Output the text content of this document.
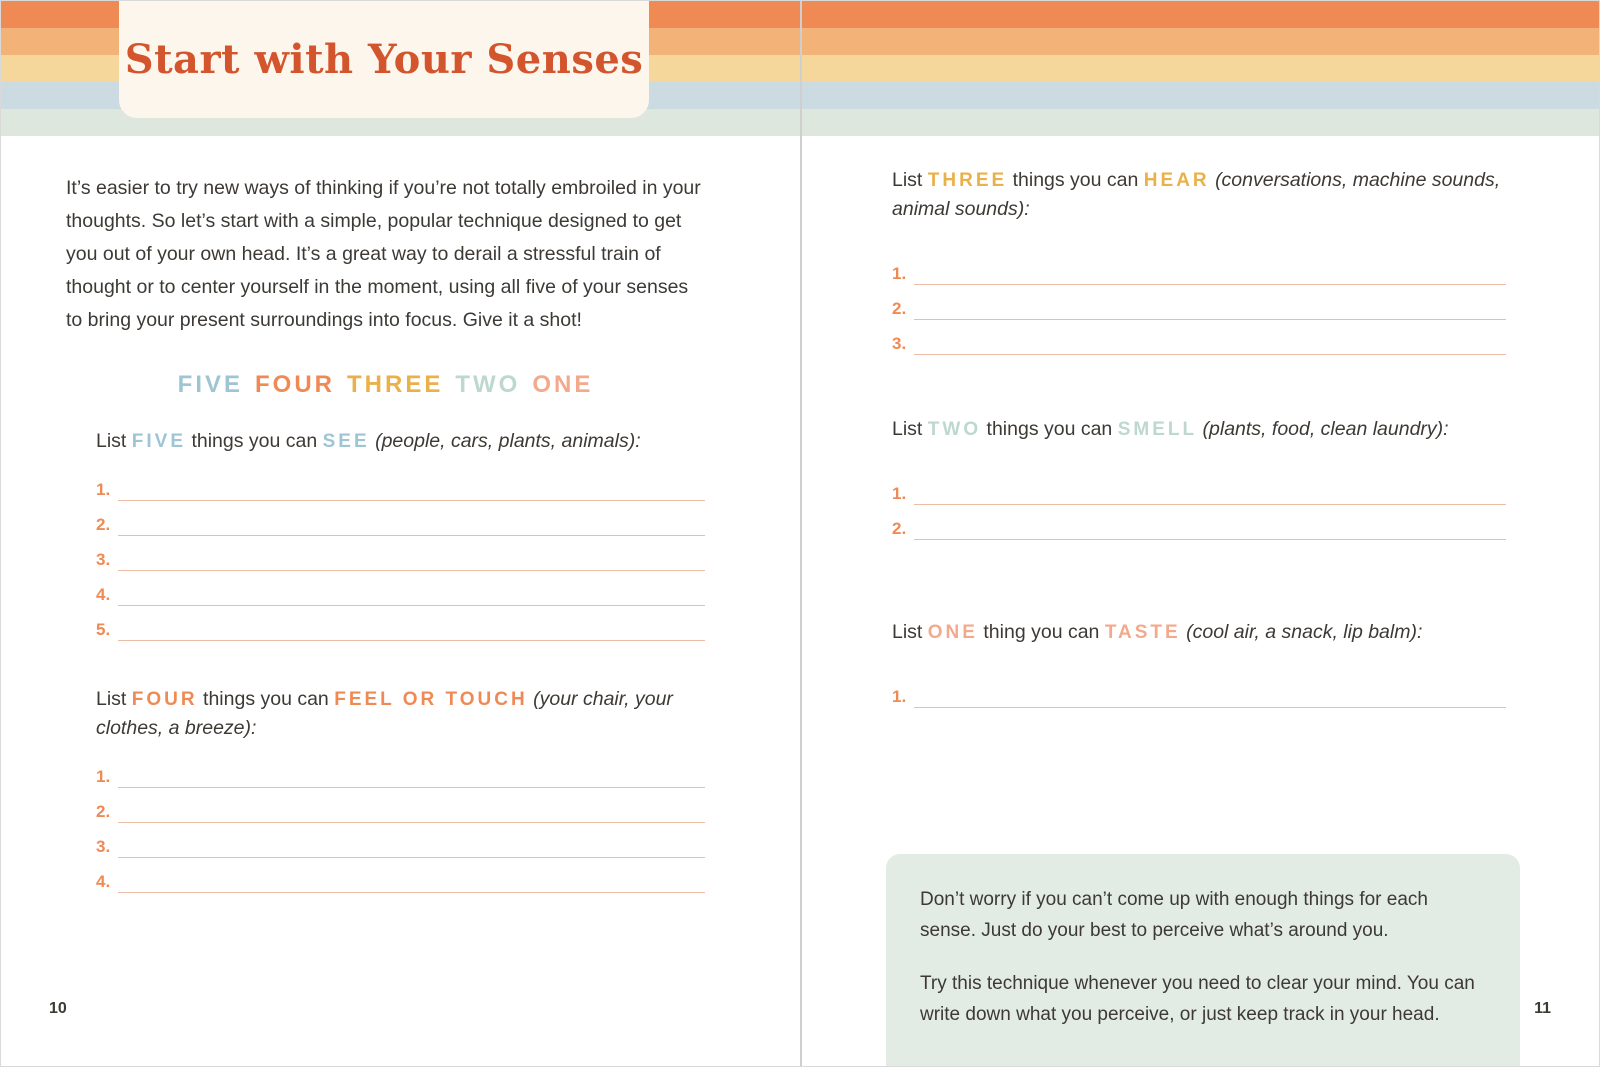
Start with Your Senses

It’s easier to try new ways of thinking if you’re not totally embroiled in your thoughts. So let’s start with a simple, popular technique designed to get you out of your own head. It’s a great way to derail a stressful train of thought or to center yourself in the moment, using all five of your senses to bring your present surroundings into focus. Give it a shot!

FIVE FOUR THREE TWO ONE

List FIVE things you can SEE (people, cars, plants, animals):

1.
2.
3.
4.
5.

List FOUR things you can FEEL OR TOUCH (your chair, your clothes, a breeze):

1.
2.
3.
4.

List THREE things you can HEAR (conversations, machine sounds, animal sounds):

1.
2.
3.

List TWO things you can SMELL (plants, food, clean laundry):

1.
2.

List ONE thing you can TASTE (cool air, a snack, lip balm):

1.

Don’t worry if you can’t come up with enough things for each sense. Just do your best to perceive what’s around you.

Try this technique whenever you need to clear your mind. You can write down what you perceive, or just keep track in your head.

10	11
